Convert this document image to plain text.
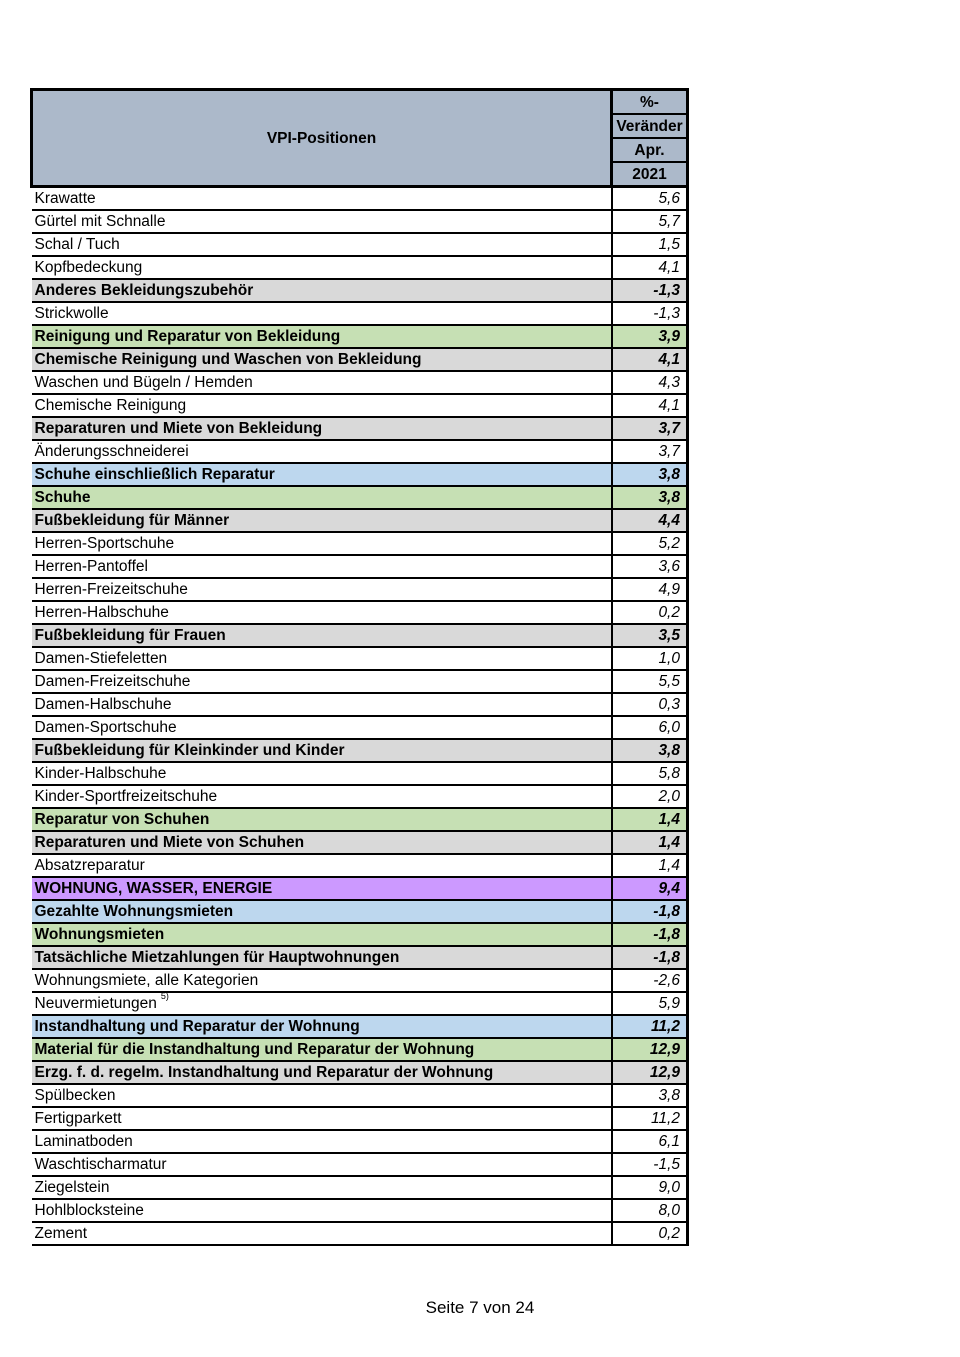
VPI-Positionen	%-
	Veränder
	Apr.
	2021
Krawatte	5,6
Gürtel mit Schnalle	5,7
Schal / Tuch	1,5
Kopfbedeckung	4,1
Anderes Bekleidungszubehör	-1,3
Strickwolle	-1,3
Reinigung und Reparatur von Bekleidung	3,9
Chemische Reinigung und Waschen von Bekleidung	4,1
Waschen und Bügeln / Hemden	4,3
Chemische Reinigung	4,1
Reparaturen und Miete von Bekleidung	3,7
Änderungsschneiderei	3,7
Schuhe einschließlich Reparatur	3,8
Schuhe	3,8
Fußbekleidung für Männer	4,4
Herren-Sportschuhe	5,2
Herren-Pantoffel	3,6
Herren-Freizeitschuhe	4,9
Herren-Halbschuhe	0,2
Fußbekleidung für Frauen	3,5
Damen-Stiefeletten	1,0
Damen-Freizeitschuhe	5,5
Damen-Halbschuhe	0,3
Damen-Sportschuhe	6,0
Fußbekleidung für Kleinkinder und Kinder	3,8
Kinder-Halbschuhe	5,8
Kinder-Sportfreizeitschuhe	2,0
Reparatur von Schuhen	1,4
Reparaturen und Miete von Schuhen	1,4
Absatzreparatur	1,4
WOHNUNG, WASSER, ENERGIE	9,4
Gezahlte Wohnungsmieten	-1,8
Wohnungsmieten	-1,8
Tatsächliche Mietzahlungen für Hauptwohnungen	-1,8
Wohnungsmiete, alle Kategorien	-2,6
Neuvermietungen $^{5)}$	5,9
Instandhaltung und Reparatur der Wohnung	11,2
Material für die Instandhaltung und Reparatur der Wohnung	12,9
Erzg. f. d. regelm. Instandhaltung und Reparatur der Wohnung	12,9
Spülbecken	3,8
Fertigparkett	11,2
Laminatboden	6,1
Waschtischarmatur	-1,5
Ziegelstein	9,0
Hohlblocksteine	8,0
Zement	0,2
Seite 7 von 24
